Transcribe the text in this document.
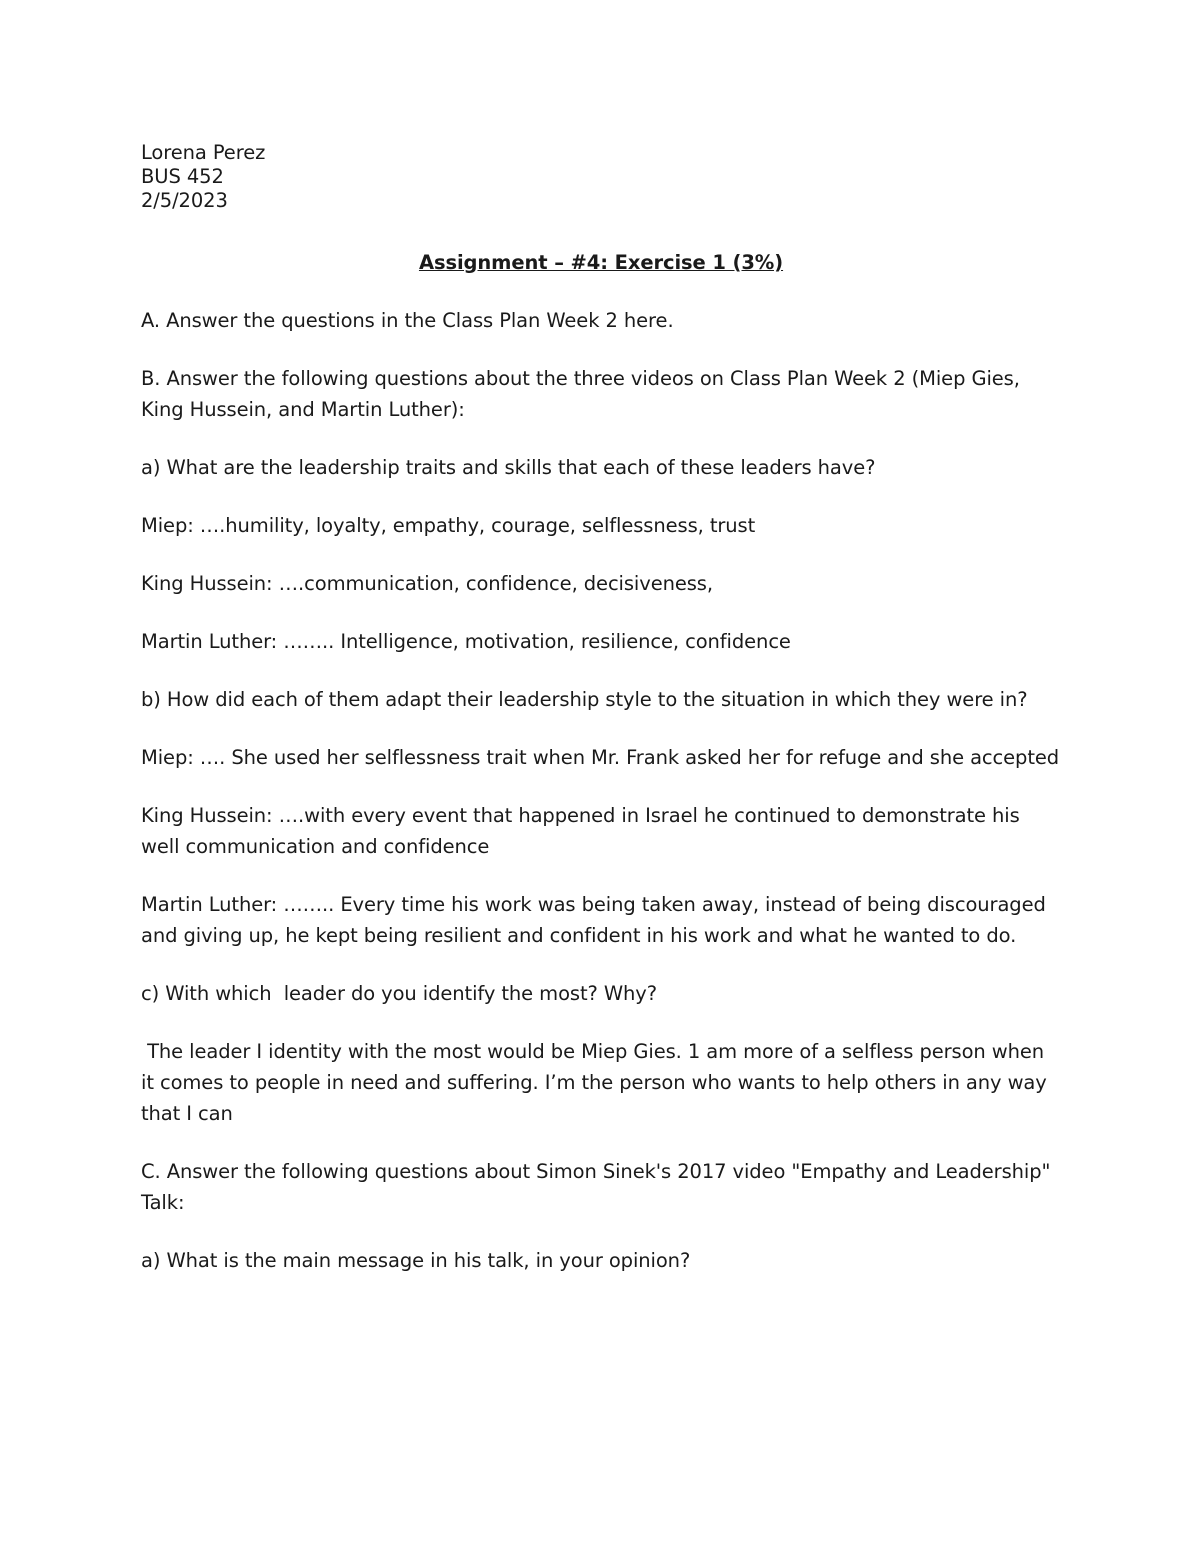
Lorena Perez
BUS 452
2/5/2023
Assignment – #4: Exercise 1 (3%)

A. Answer the questions in the Class Plan Week 2 here.

B. Answer the following questions about the three videos on Class Plan Week 2 (Miep Gies, King Hussein, and Martin Luther):

a) What are the leadership traits and skills that each of these leaders have?

Miep: ….humility, loyalty, empathy, courage, selflessness, trust

King Hussein: ….communication, confidence, decisiveness,

Martin Luther: …….. Intelligence, motivation, resilience, confidence

b) How did each of them adapt their leadership style to the situation in which they were in?

Miep: …. She used her selflessness trait when Mr. Frank asked her for refuge and she accepted

King Hussein: ….with every event that happened in Israel he continued to demonstrate his well communication and confidence

Martin Luther: …….. Every time his work was being taken away, instead of being discouraged and giving up, he kept being resilient and confident in his work and what he wanted to do.

c) With which  leader do you identify the most? Why?

The leader I identity with the most would be Miep Gies. 1 am more of a selfless person when it comes to people in need and suffering. I’m the person who wants to help others in any way that I can

C. Answer the following questions about Simon Sinek's 2017 video "Empathy and Leadership" Talk:

a) What is the main message in his talk, in your opinion?
